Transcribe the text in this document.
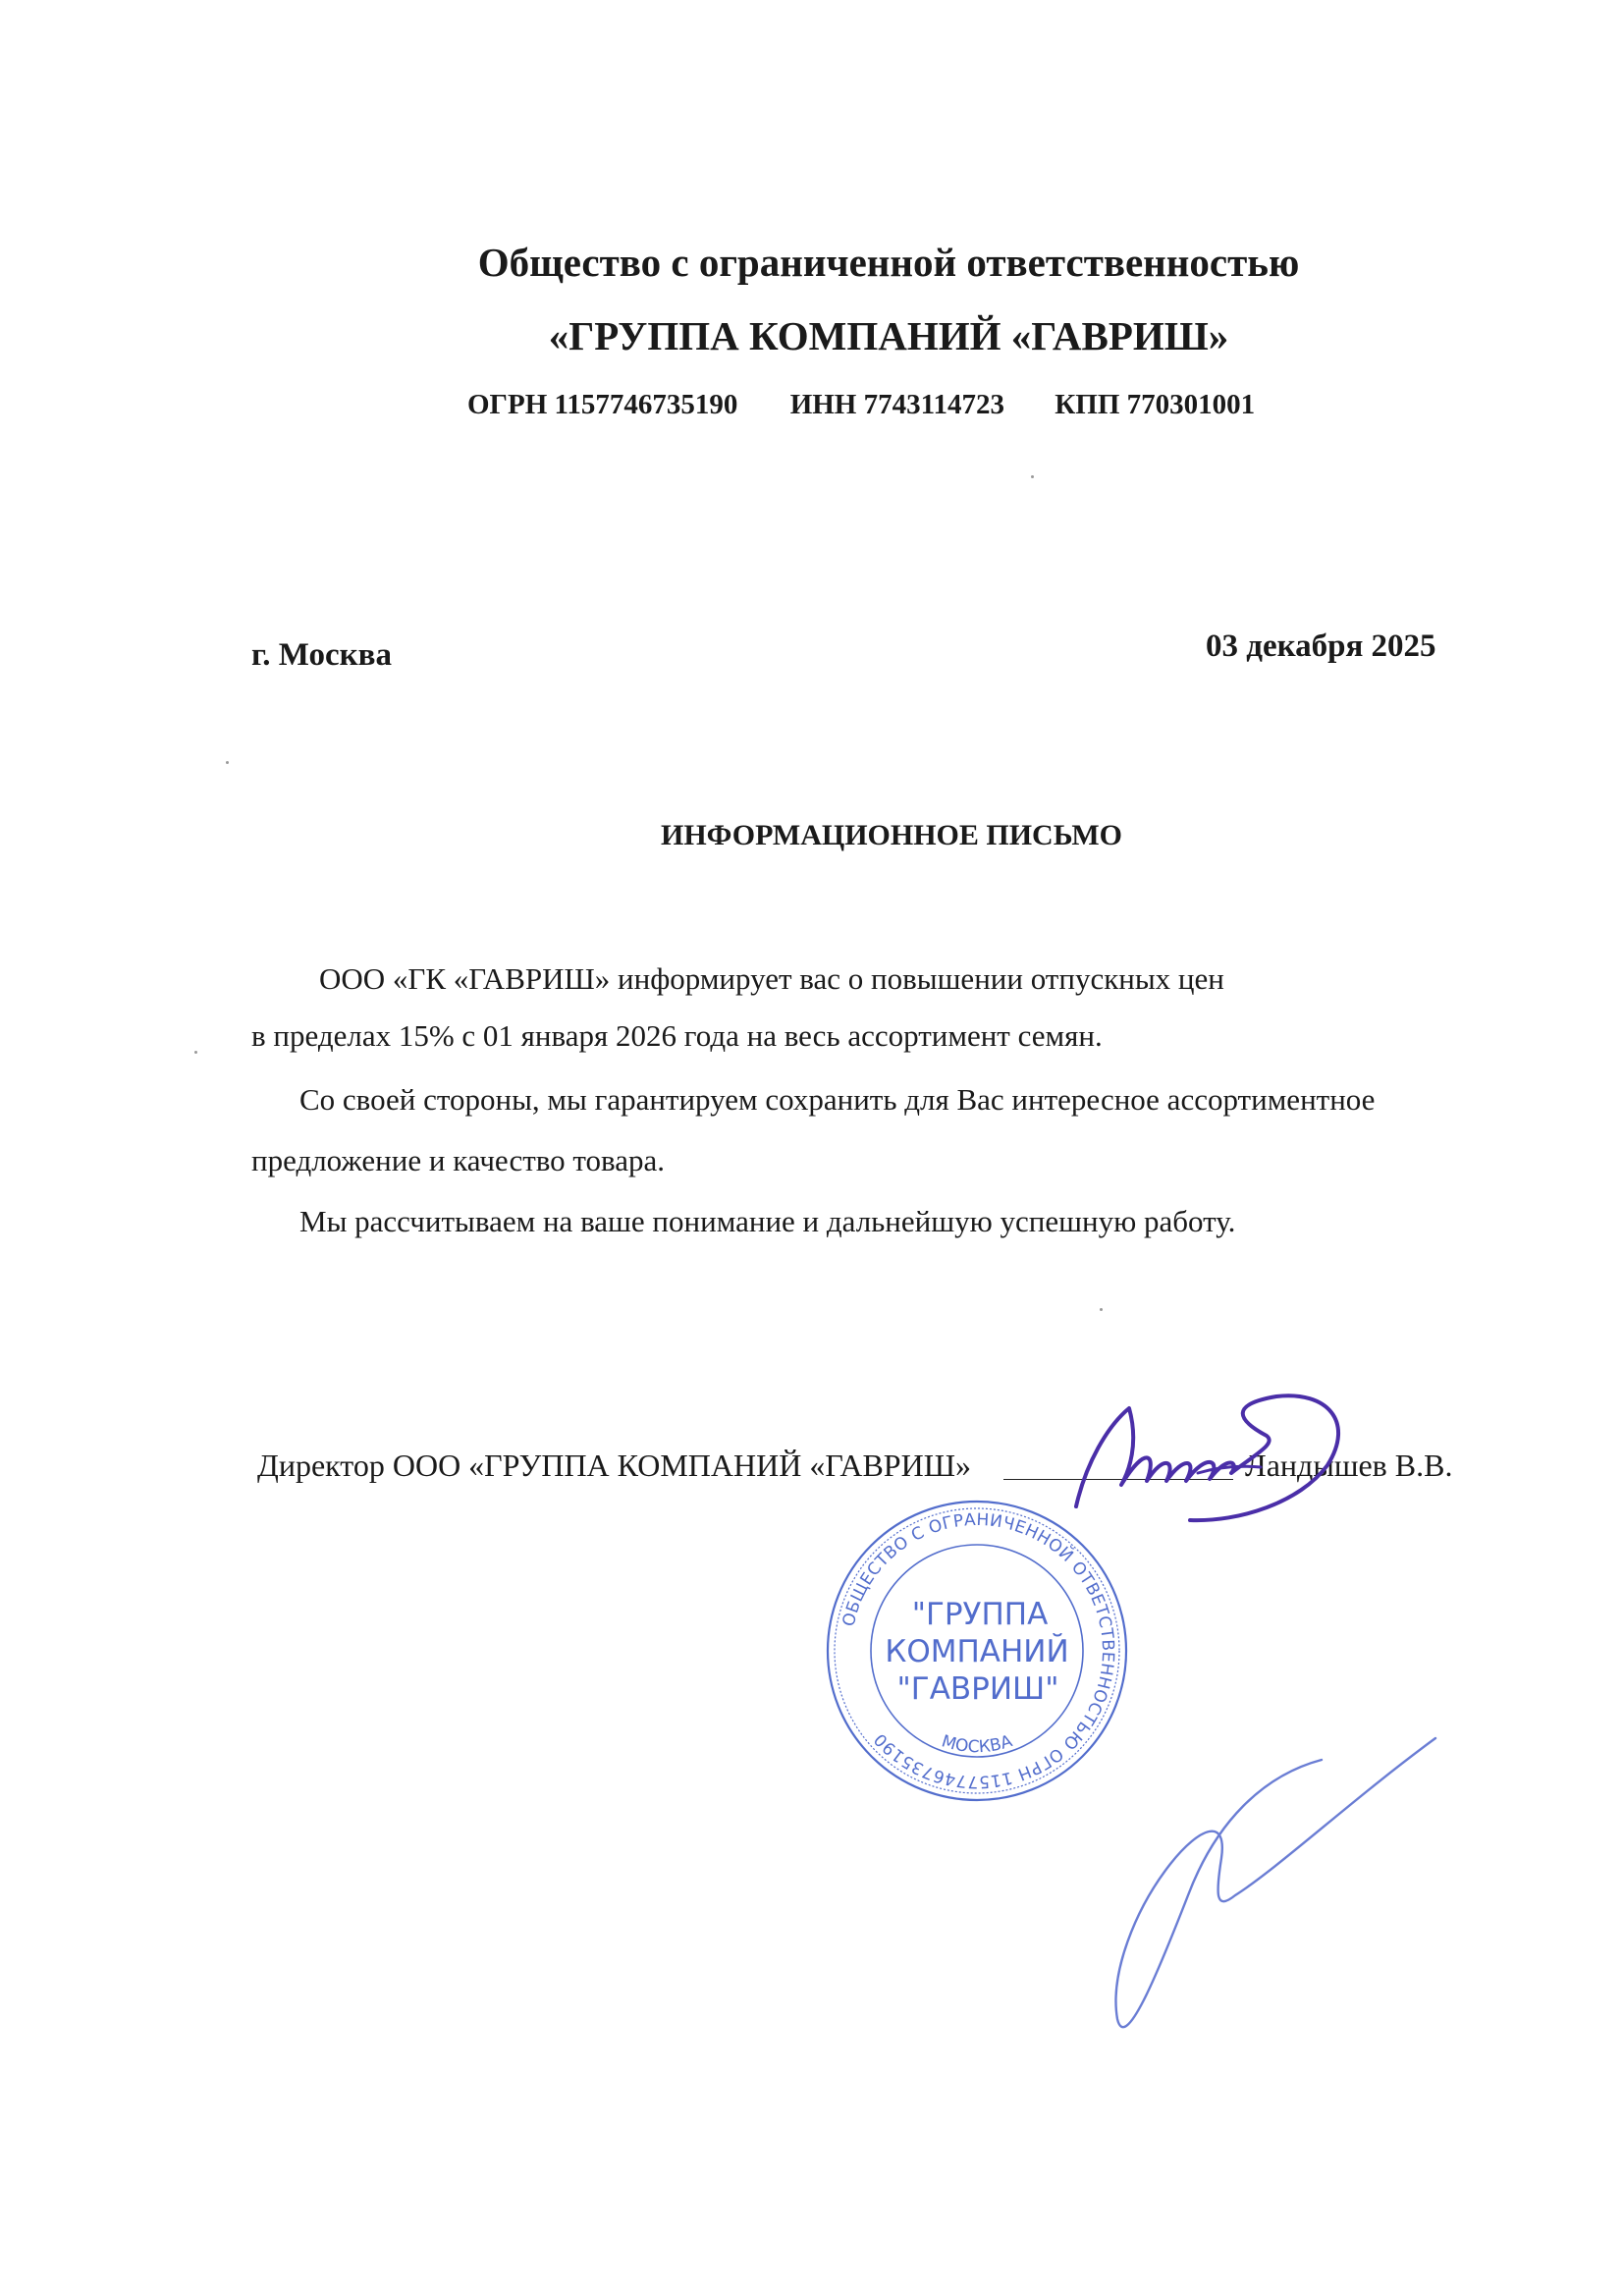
Общество с ограниченной ответственностью
«ГРУППА КОМПАНИЙ «ГАВРИШ»
ОГРН 1157746735190 ИНН 7743114723 КПП 770301001
г. Москва	03 декабря 2025
ИНФОРМАЦИОННОЕ ПИСЬМО
ООО «ГК «ГАВРИШ» информирует вас о повышении отпускных цен
в пределах 15% с 01 января 2026 года на весь ассортимент семян.
Со своей стороны, мы гарантируем сохранить для Вас интересное ассортиментное
предложение и качество товара.
Мы рассчитываем на ваше понимание и дальнейшую успешную работу.
Директор ООО «ГРУППА КОМПАНИЙ «ГАВРИШ»	Ландышев В.В.
ОБЩЕСТВО С ОГРАНИЧЕННОЙ ОТВЕТСТВЕННОСТЬЮ ОГРН 1157746735190	МОСКВА
"ГРУППА
КОМПАНИЙ
"ГАВРИШ"
